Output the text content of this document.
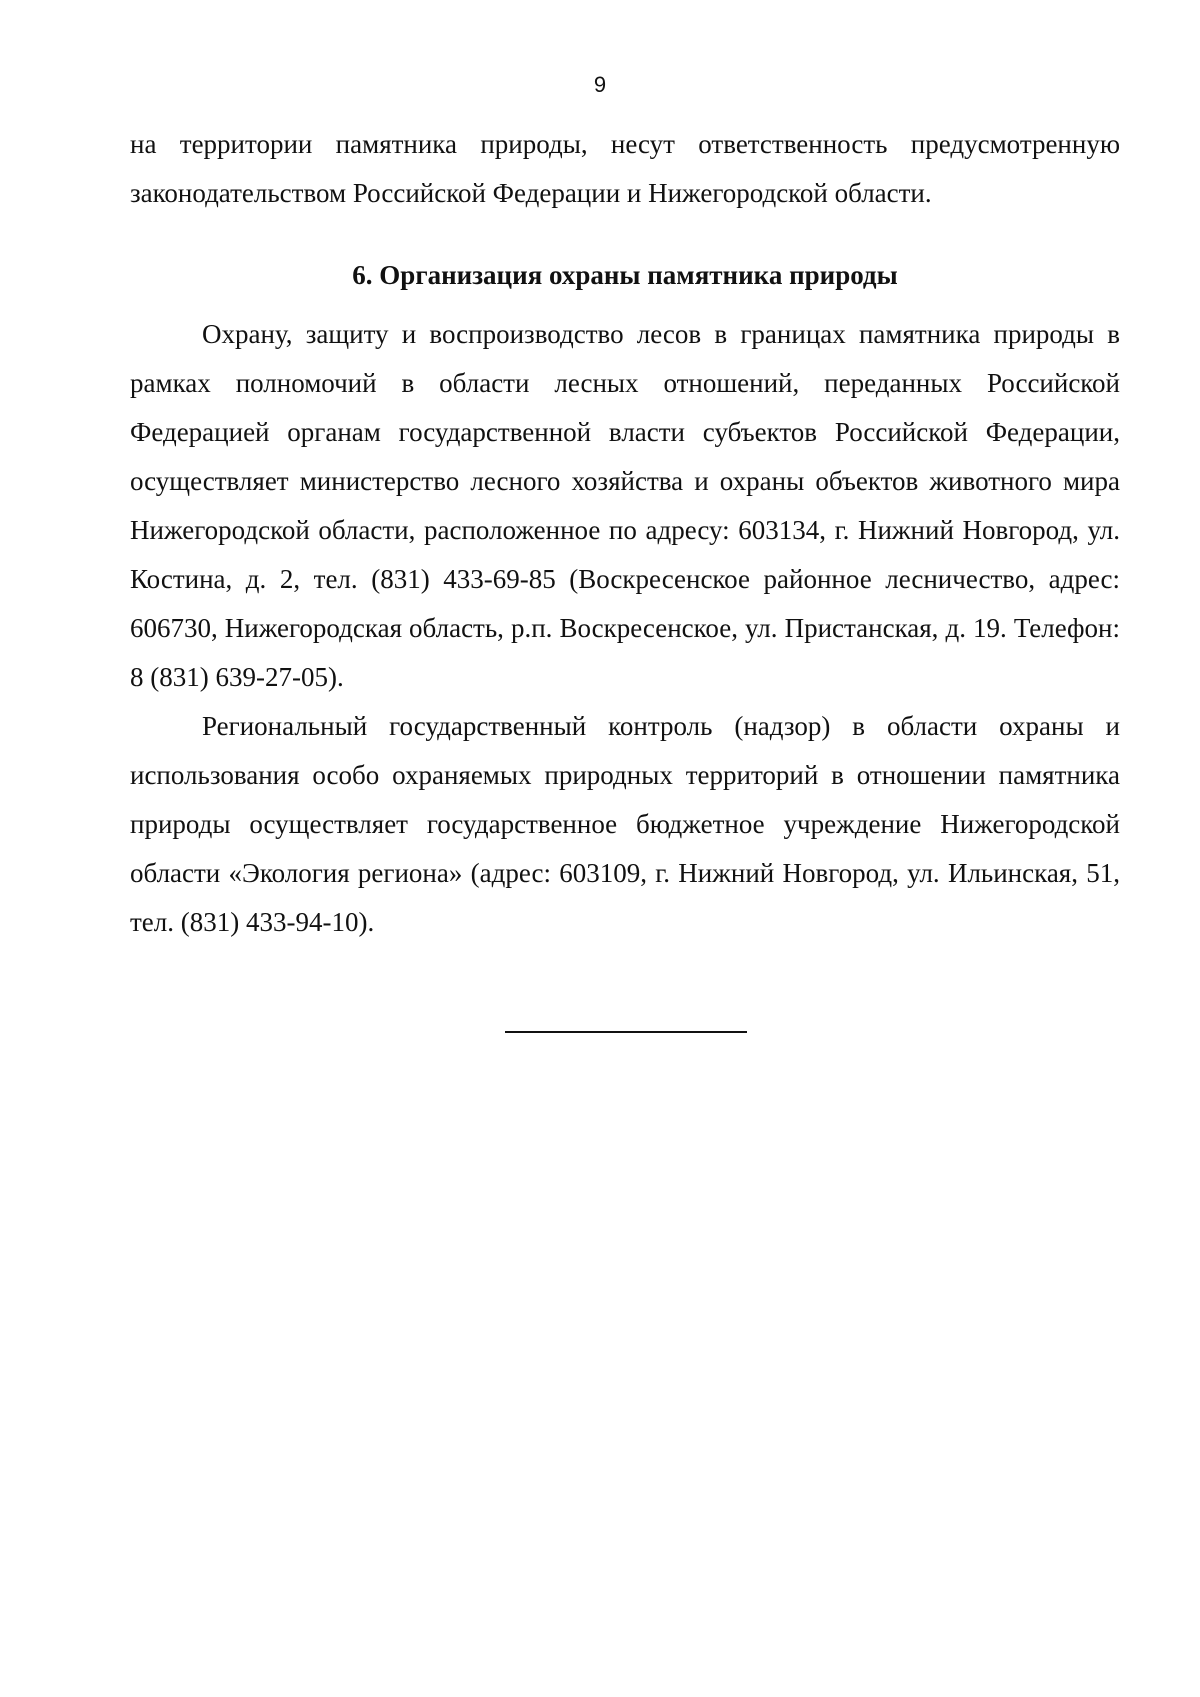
9

на территории памятника природы, несут ответственность предусмотренную законодательством Российской Федерации и Нижегородской области.

6. Организация охраны памятника природы

Охрану, защиту и воспроизводство лесов в границах памятника природы в рамках полномочий в области лесных отношений, переданных Российской Федерацией органам государственной власти субъектов Российской Федерации, осуществляет министерство лесного хозяйства и охраны объектов животного мира Нижегородской области, расположенное по адресу: 603134, г. Нижний Новгород, ул. Костина, д. 2, тел. (831) 433-69-85 (Воскресенское районное лесничество, адрес: 606730, Нижегородская область, р.п. Воскресенское, ул. Пристанская, д. 19. Телефон: 8 (831) 639-27-05).

Региональный государственный контроль (надзор) в области охраны и использования особо охраняемых природных территорий в отношении памятника природы осуществляет государственное бюджетное учреждение Нижегородской области «Экология региона» (адрес: 603109, г. Нижний Новгород, ул. Ильинская, 51, тел. (831) 433-94-10).
